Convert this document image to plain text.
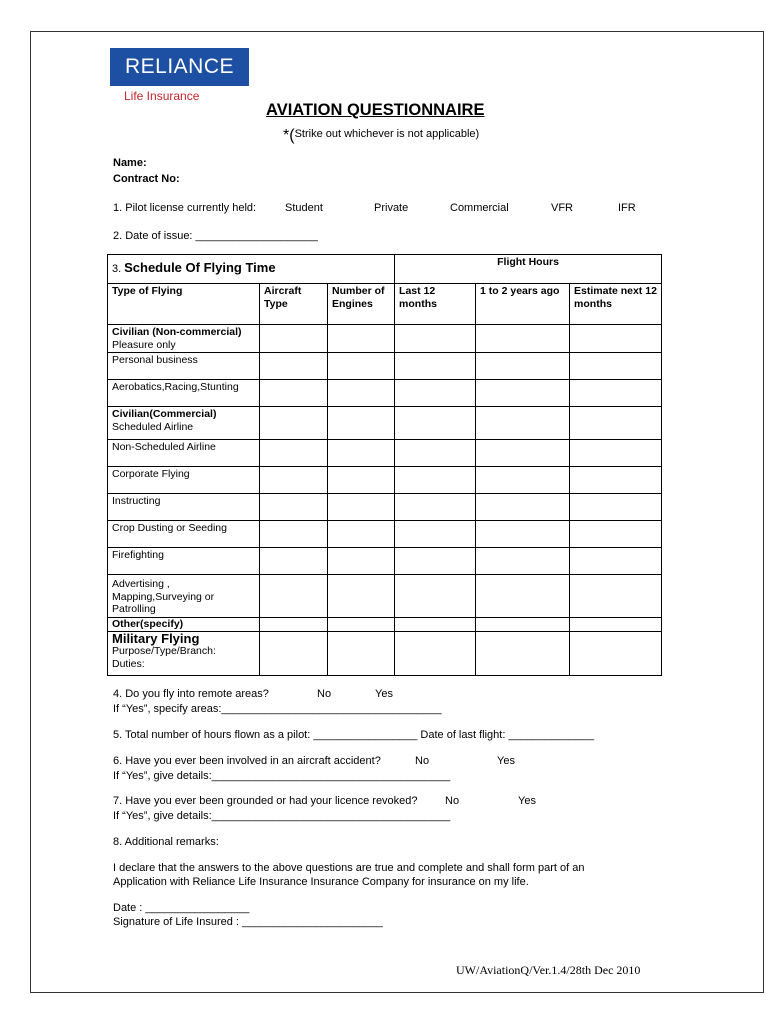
RELIANCE
Life Insurance
AVIATION QUESTIONNAIRE
*(Strike out whichever is not applicable)
Name:
Contract No:
1. Pilot license currently held:	Student	Private	Commercial	VFR	IFR
2. Date of issue: ____________________
3. Schedule Of Flying Time			Flight Hours		
Type of Flying	Aircraft Type	Number of Engines	Last 12 months	1 to 2 years ago	Estimate next 12 months

Civilian (Non-commercial)
Pleasure only					

Personal business					

Aerobatics,Racing,Stunting					

Civilian(Commercial)
Scheduled Airline					

Non-Scheduled Airline					

Corporate Flying					

Instructing					

Crop Dusting or Seeding					

Firefighting					

Advertising , Mapping,Surveying or Patrolling					

Other(specify)					

Military Flying
Purpose/Type/Branch:
Duties:					

4. Do you fly into remote areas?	No	Yes
If “Yes”, specify areas:____________________________________
5. Total number of hours flown as a pilot: _________________ Date of last flight: ______________
6. Have you ever been involved in an aircraft accident?	No	Yes
If “Yes”, give details:_______________________________________
7. Have you ever been grounded or had your licence revoked? No	Yes
If “Yes”, give details:_______________________________________
8. Additional remarks:
I declare that the answers to the above questions are true and complete and shall form part of an
Application with Reliance Life Insurance Insurance Company for insurance on my life.
Date : _________________
Signature of Life Insured : _______________________
UW/AviationQ/Ver.1.4/28th Dec 2010
